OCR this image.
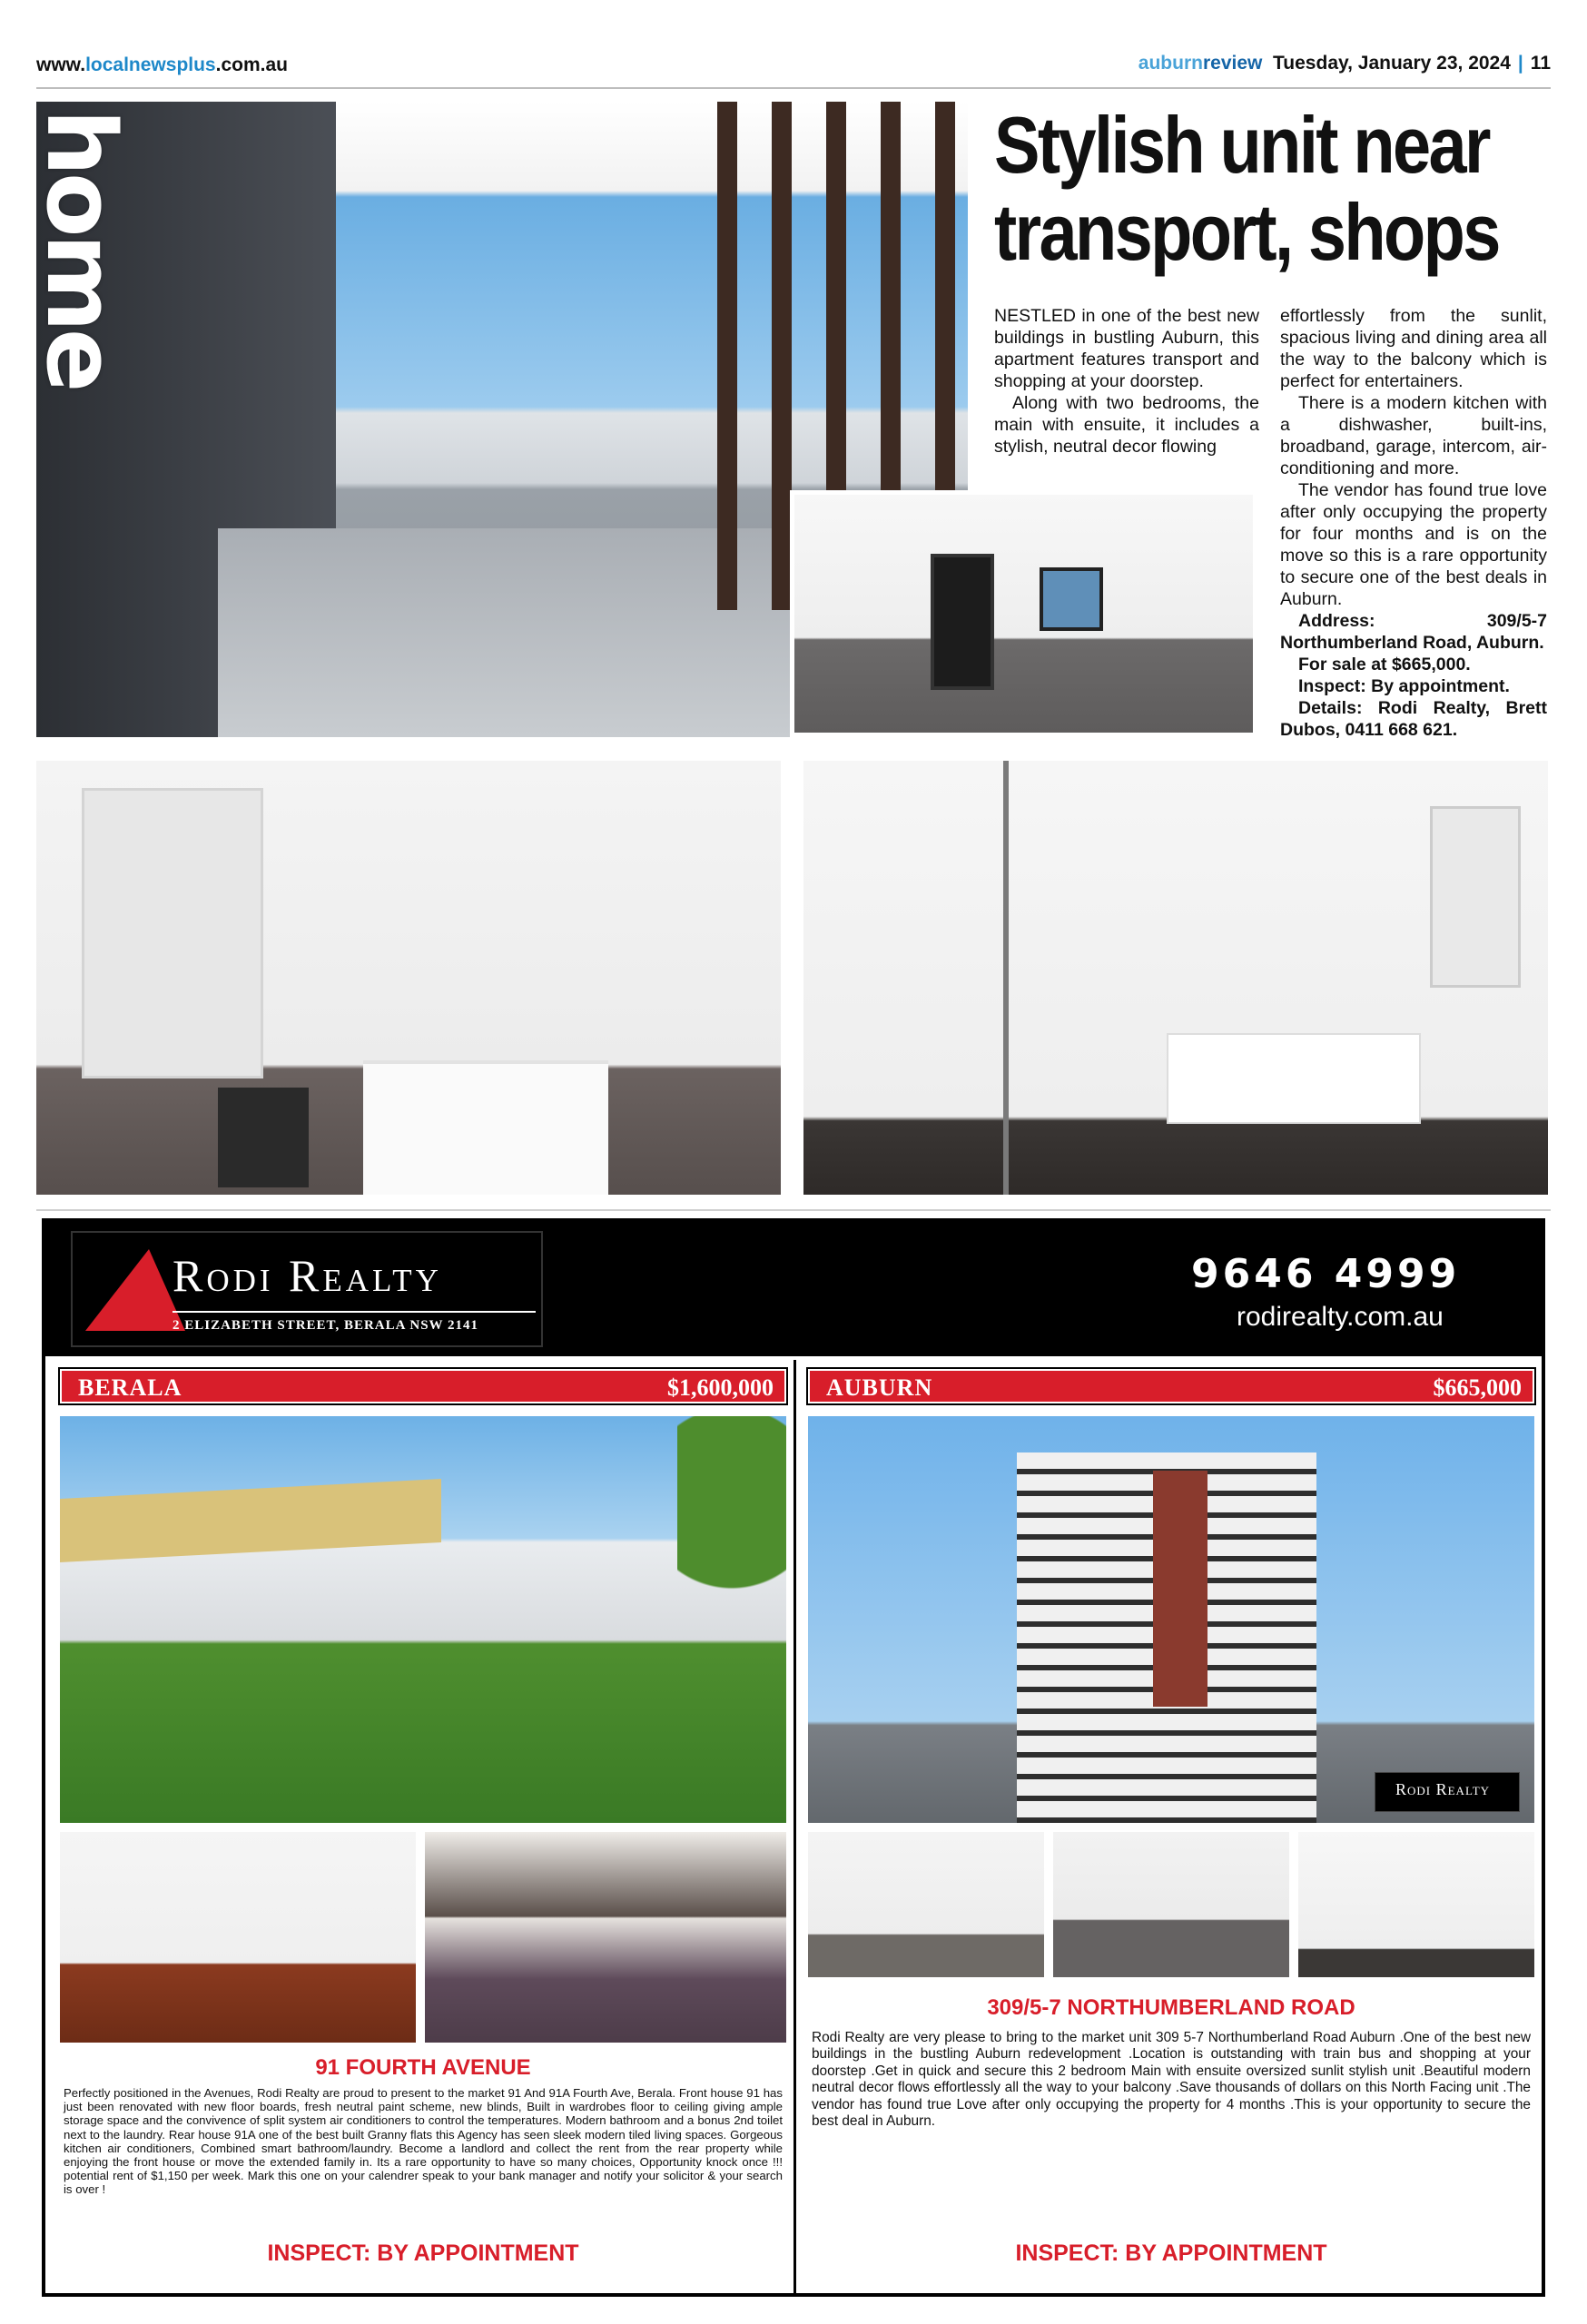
www.localnewsplus.com.au	auburnreview Tuesday, January 23, 2024 | 11
home	Stylish unit near
transport, shops

NESTLED in one of the best new buildings in bustling Auburn, this apartment features transport and shopping at your doorstep.

Along with two bedrooms, the main with ensuite, it includes a stylish, neutral decor flowing

effortlessly from the sunlit, spacious living and dining area all the way to the balcony which is perfect for entertainers.

There is a modern kitchen with a dishwasher, built-ins, broadband, garage, intercom, air-conditioning and more.

The vendor has found true love after only occupying the property for four months and is on the move so this is a rare opportunity to secure one of the best deals in Auburn.

Address: 309/5-7 Northumberland Road, Auburn.

For sale at $665,000.

Inspect: By appointment.

Details: Rodi Realty, Brett Dubos, 0411 668 621.

Rodi Realty
2 ELIZABETH STREET, BERALA NSW 2141
9646 4999
rodirealty.com.au
BERALA	$1,600,000
91 FOURTH AVENUE
Perfectly positioned in the Avenues, Rodi Realty are proud to present to the market 91 And 91A Fourth Ave, Berala. Front house 91 has just been renovated with new floor boards, fresh neutral paint scheme, new blinds, Built in wardrobes floor to ceiling giving ample storage space and the convivence of split system air conditioners to control the temperatures. Modern bathroom and a bonus 2nd toilet next to the laundry. Rear house 91A one of the best built Granny flats this Agency has seen sleek modern tiled living spaces. Gorgeous kitchen air conditioners, Combined smart bathroom/laundry. Become a landlord and collect the rent from the rear property while enjoying the front house or move the extended family in. Its a rare opportunity to have so many choices, Opportunity knock once !!! potential rent of $1,150 per week. Mark this one on your calendrer speak to your bank manager and notify your solicitor & your search is over !
INSPECT: BY APPOINTMENT
AUBURN	$665,000
Rodi Realty
309/5-7 NORTHUMBERLAND ROAD
Rodi Realty are very please to bring to the market unit 309 5-7 Northumberland Road Auburn .One of the best new buildings in the bustling Auburn redevelopment .Location is outstanding with train bus and shopping at your doorstep .Get in quick and secure this 2 bedroom Main with ensuite oversized sunlit stylish unit .Beautiful modern neutral decor flows effortlessly all the way to your balcony .Save thousands of dollars on this North Facing unit .The vendor has found true Love after only occupying the property for 4 months .This is your opportunity to secure the best deal in Auburn.
INSPECT: BY APPOINTMENT
